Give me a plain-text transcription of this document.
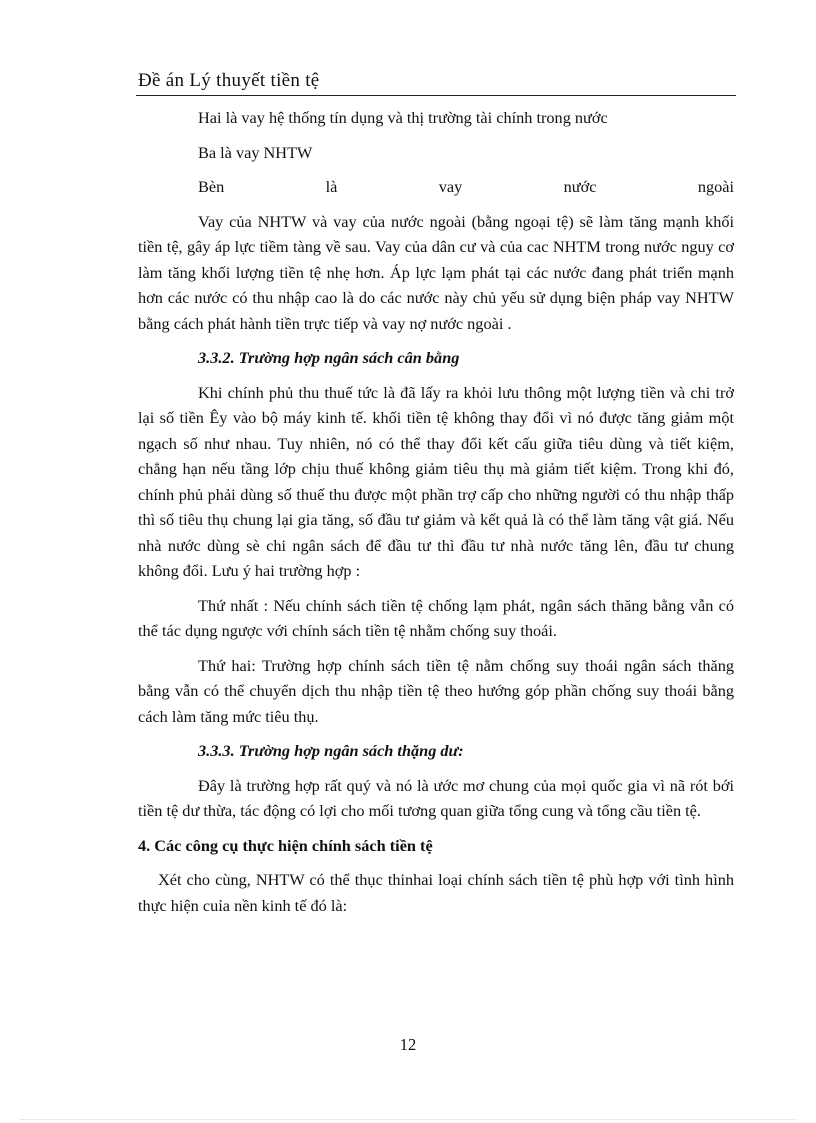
Đề án Lý thuyết tiền tệ

Hai là vay hệ thống tín dụng và thị trường tài chính trong nước

Ba là vay NHTW

Bèn là vay nước ngoài

Vay của NHTW và vay của nước ngoài (bằng ngoại tệ) sẽ làm tăng mạnh khối tiền tệ, gây áp lực tiềm tàng về sau. Vay của dân cư và của cac NHTM trong nước nguy cơ làm tăng khối lượng tiền tệ nhẹ hơn. Áp lực lạm phát tại các nước đang phát triển mạnh hơn các nước có thu nhập cao là do các nước này chủ yếu sử dụng biện pháp vay NHTW bằng cách phát hành tiền trực tiếp và vay nợ nước ngoài .

3.3.2. Trường hợp ngân sách cân bằng

Khi chính phủ thu thuế tức là đã lấy ra khỏi lưu thông một lượng tiền và chi trở lại số tiền Êy vào bộ máy kinh tế. khối tiền tệ không thay đổi vì nó được tăng giảm một ngạch số như nhau. Tuy nhiên, nó có thể thay đổi kết cấu giữa tiêu dùng và tiết kiệm, chẳng hạn nếu tầng lớp chịu thuế không giảm tiêu thụ mà giảm tiết kiệm. Trong khi đó, chính phủ phải dùng số thuế thu được một phần trợ cấp cho những người có thu nhập thấp thì số tiêu thụ chung lại gia tăng, số đầu tư giảm và kết quả là có thể làm tăng vật giá. Nếu nhà nước dùng sè chi ngân sách để đầu tư thì đầu tư nhà nước tăng lên, đầu tư chung không đổi. Lưu ý hai trường hợp :

Thứ nhất : Nếu chính sách tiền tệ chống lạm phát, ngân sách thăng bằng vẫn có thể tác dụng ngược với chính sách tiền tệ nhằm chống suy thoái.

Thứ hai: Trường hợp chính sách tiền tệ nằm chống suy thoái ngân sách thăng bằng vẫn có thể chuyển dịch thu nhập tiền tệ theo hướng góp phần chống suy thoái bằng cách làm tăng mức tiêu thụ.

3.3.3. Trường hợp ngân sách thặng dư:

Đây là trường hợp rất quý và nó là ước mơ chung của mọi quốc gia vì nã rót bới tiền tệ dư thừa, tác động có lợi cho mối tương quan giữa tổng cung và tổng cầu tiền tệ.

4. Các công cụ thực hiện chính sách tiền tệ

Xét cho cùng, NHTW có thể thục thinhai loại chính sách tiền tệ phù hợp với tình hình thực hiện cuỉa nền kinh tế đó là:

12
